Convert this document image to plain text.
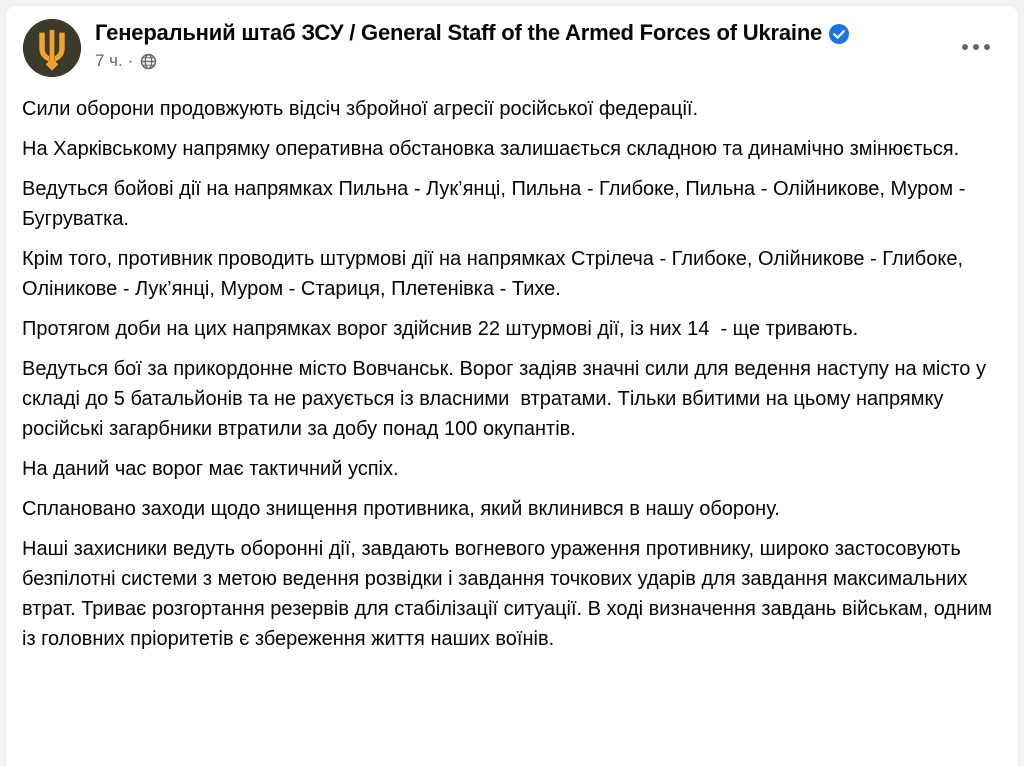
Генеральний штаб ЗСУ / General Staff of the Armed Forces of Ukraine
7 ч. ·

Сили оборони продовжують відсіч збройної агресії російської федерації.

На Харківському напрямку оперативна обстановка залишається складною та динамічно змінюється.

Ведуться бойові дії на напрямках Пильна - Лук’янці, Пильна - Глибоке, Пильна - Олійникове, Муром - Бугруватка.

Крім того, противник проводить штурмові дії на напрямках Стрілеча - Глибоке, Олійникове - Глибоке, Оліникове - Лук’янці, Муром - Стариця, Плетенівка - Тихе.

Протягом доби на цих напрямках ворог здійснив 22 штурмові дії, із них 14  - ще тривають.

Ведуться бої за прикордонне місто Вовчанськ. Ворог задіяв значні сили для ведення наступу на місто у складі до 5 батальйонів та не рахується із власними  втратами. Тільки вбитими на цьому напрямку російські загарбники втратили за добу понад 100 окупантів.

На даний час ворог має тактичний успіх.

Сплановано заходи щодо знищення противника, який вклинився в нашу оборону.

Наші захисники ведуть оборонні дії, завдають вогневого ураження противнику, широко застосовують безпілотні системи з метою ведення розвідки і завдання точкових ударів для завдання максимальних втрат. Триває розгортання резервів для стабілізації ситуації. В ході визначення завдань військам, одним із головних пріоритетів є збереження життя наших воїнів.
